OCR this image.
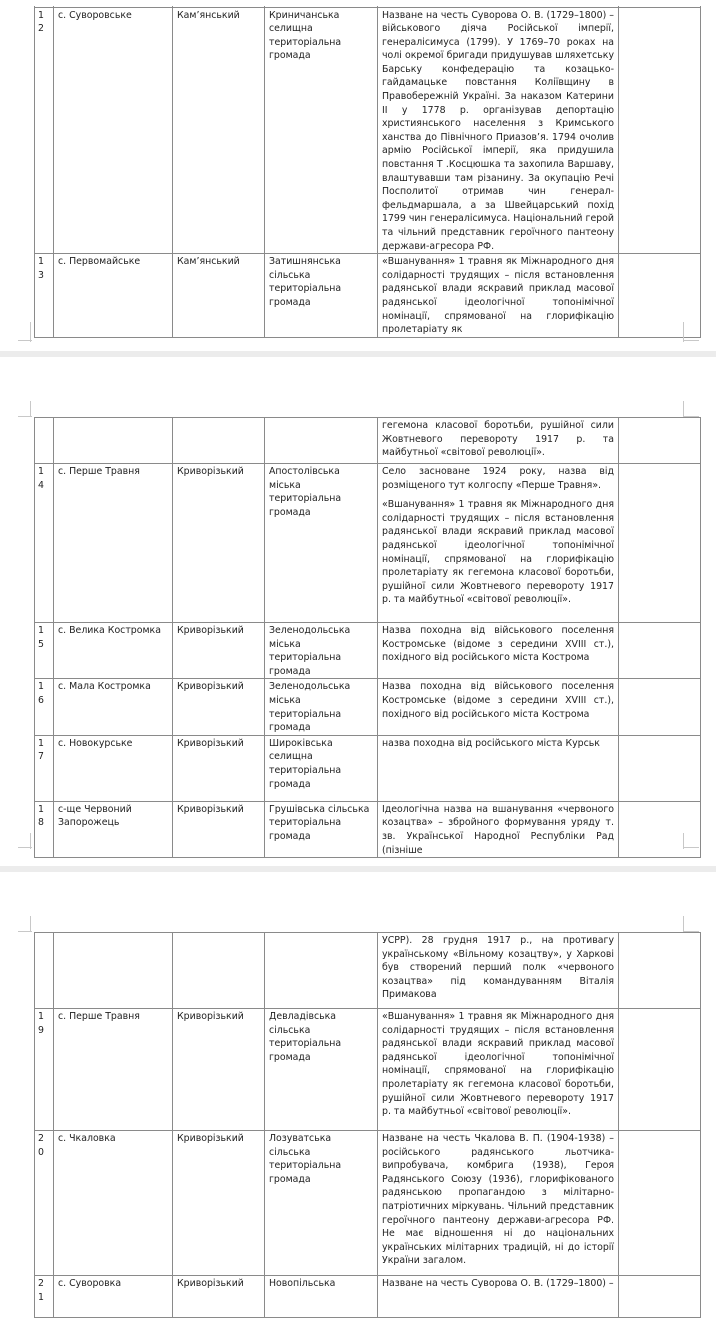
12	с. Суворовське	Кам’янський	Криничанська селищна територіальна громада	Назване на честь Суворова О. В. (1729–1800) – військового діяча Російської імперії, генералісимуса (1799). У 1769–70 роках на чолі окремої бригади придушував шляхетську Барську конфедерацію та козацько-гайдамацьке повстання Коліївщину в Правобережній Україні. За наказом Катерини ІІ у 1778 р. організував депортацію християнського населення з Кримського ханства до Північного Приазов’я. 1794 очолив армію Російської імперії, яка придушила повстання Т .Косцюшка та захопила Варшаву, влаштувавши там різанину. За окупацію Речі Посполитої отримав чин генерал-фельдмаршала, а за Швейцарський похід 1799 чин генералісимуса. Національний герой та чільний представник героїчного пантеону держави-агресора РФ.	

13	с. Первомайське	Кам’янський	Затишнянська сільська територіальна громада	«Вшанування» 1 травня як Міжнародного дня солідарності трудящих – після встановлення радянської влади яскравий приклад масової радянської ідеологічної топонімічної номінації, спрямованої на глорифікацію пролетаріату як	

				гегемона класової боротьби, рушійної сили Жовтневого перевороту 1917 р. та майбутньої «світової революції».	

14	с. Перше Травня	Криворізький	Апостолівська міська територіальна громада	Село засноване 1924 року, назва від розміщеного тут колгоспу «Перше Травня».

«Вшанування» 1 травня як Міжнародного дня солідарності трудящих – після встановлення радянської влади яскравий приклад масової радянської ідеологічної топонімічної номінації, спрямованої на глорифікацію пролетаріату як гегемона класової боротьби, рушійної сили Жовтневого перевороту 1917 р. та майбутньої «світової революції».	

15	с. Велика Костромка	Криворізький	Зеленодольська міська територіальна громада	Назва походна від військового поселення Костромське (відоме з середини XVIII ст.), похідного від російського міста Кострома	

16	с. Мала Костромка	Криворізький	Зеленодольська міська територіальна громада	Назва походна від військового поселення Костромське (відоме з середини XVIII ст.), похідного від російського міста Кострома	

17	с. Новокурське	Криворізький	Широківська селищна територіальна громада	назва походна від російського міста Курськ	

18	с-ще Червоний Запорожець	Криворізький	Грушівська сільська територіальна громада	Ідеологічна назва на вшанування «червоного козацтва» – збройного формування уряду т. зв. Української Народної Республіки Рад (пізніше	

				УСРР). 28 грудня 1917 р., на противагу українському «Вільному козацтву», у Харкові був створений перший полк «червоного козацтва» під командуванням Віталія Примакова	

19	с. Перше Травня	Криворізький	Девладівська сільська територіальна громада	«Вшанування» 1 травня як Міжнародного дня солідарності трудящих – після встановлення радянської влади яскравий приклад масової радянської ідеологічної топонімічної номінації, спрямованої на глорифікацію пролетаріату як гегемона класової боротьби, рушійної сили Жовтневого перевороту 1917 р. та майбутньої «світової революції».	

20	с. Чкаловка	Криворізький	Лозуватська сільська територіальна громада	Назване на честь Чкалова В. П. (1904-1938) – російського радянського льотчика-випробувача, комбрига (1938), Героя Радянського Союзу (1936), глорифікованого радянською пропагандою з мілітарно-патріотичних міркувань. Чільний представник героїчного пантеону держави-агресора РФ. Не має відношення ні до національних українських мілітарних традицій, ні до історії України загалом.	

21	с. Суворовка	Криворізький	Новопільська	Назване на честь Суворова О. В. (1729–1800) –	
